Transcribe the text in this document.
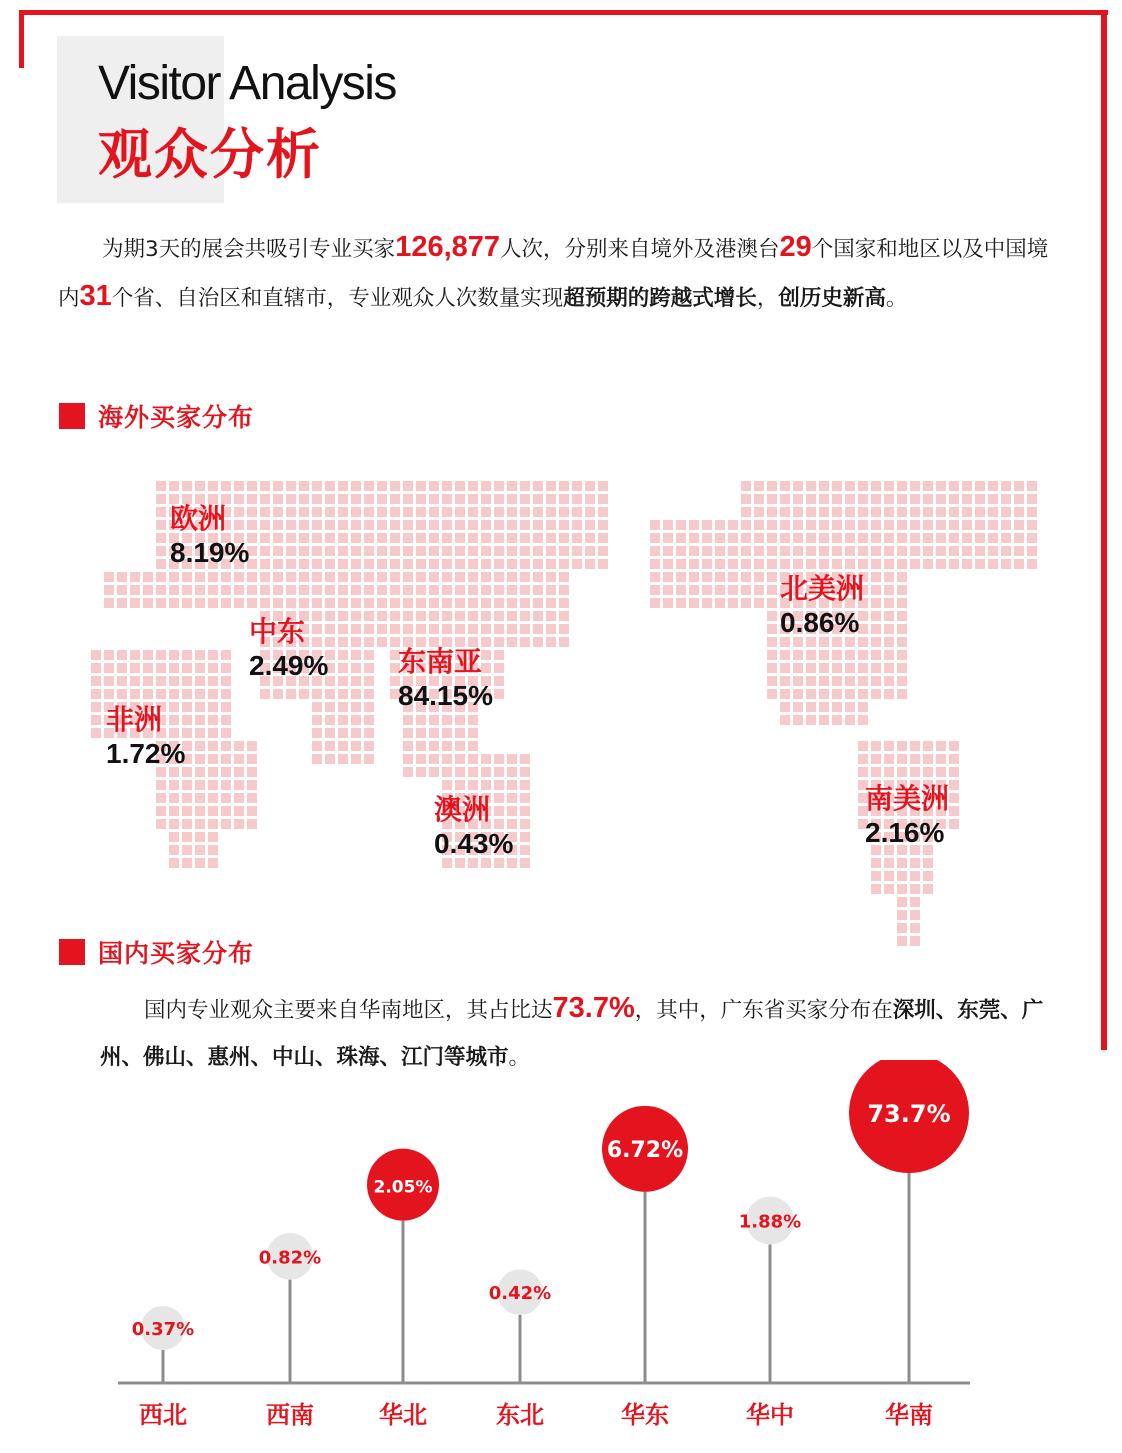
Visitor Analysis
观众分析
为期3天的展会共吸引专业买家126,877人次，分别来自境外及港澳台29个国家和地区以及中国境内31个省、自治区和直辖市，专业观众人次数量实现超预期的跨越式增长，创历史新高。
海外买家分布
欧洲
8.19%
中东
2.49% 东南亚
84.15%
非洲
1.72%
澳洲
0.43%
北美洲
0.86%
南美洲
2.16%
国内买家分布
国内专业观众主要来自华南地区，其占比达73.7%，其中，广东省买家分布在深圳、东莞、广州、佛山、惠州、中山、珠海、江门等城市。
0.37%
西北
0.82%
西南
2.05%
华北
0.42%
东北
6.72%
华东
1.88%
华中
73.7%
华南
